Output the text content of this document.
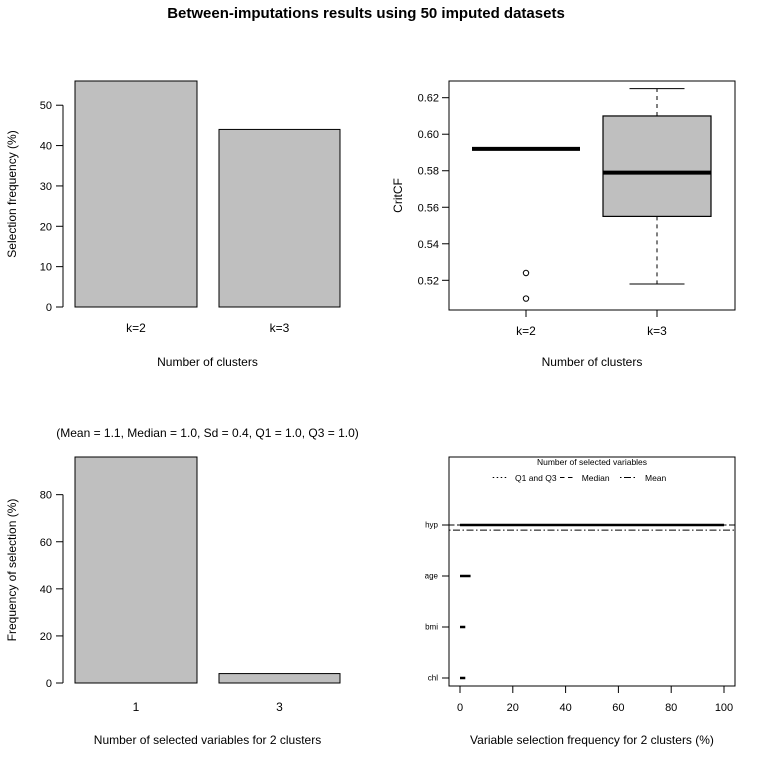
Between-imputations results using 50 imputed datasets
0
10
20
30
40
50
k=2	k=3
Number of clusters
Selection frequency (%)
0.52
0.54
0.56
0.58
0.60
0.62
k=2	k=3
Number of clusters
CritCF
0
20
40
60
80
1	3
Number of selected variables for 2 clusters
Frequency of selection (%)
(Mean = 1.1, Median = 1.0, Sd = 0.4, Q1 = 1.0, Q3 = 1.0)
0	20	40	60	80	100
hyp
age
bmi
chl
Variable selection frequency for 2 clusters (%)
Number of selected variables
Q1 and Q3	Median	Mean
